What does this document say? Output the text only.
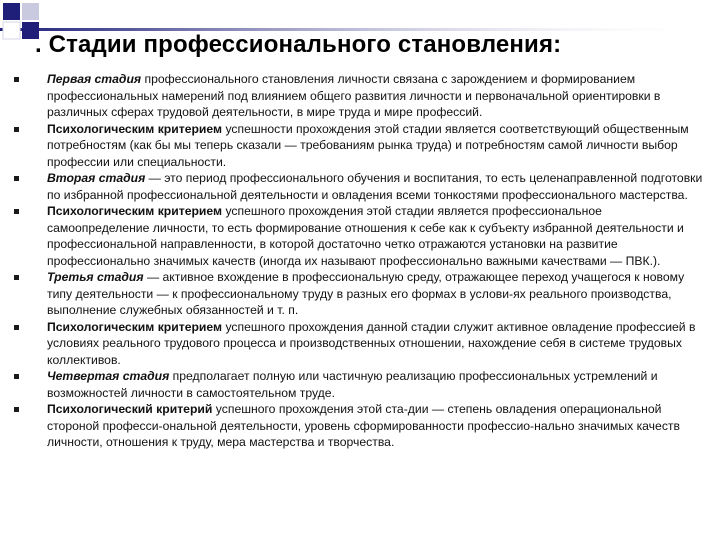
. Стадии профессионального становления:
Первая стадия профессионального становления личности связана с зарождением и формированием профессиональных намерений под влиянием общего развития личности и первоначальной ориентировки в различных сферах трудовой деятельности, в мире труда и мире профессий.
Психологическим критерием успешности прохождения этой стадии является соответствующий общественным потребностям (как бы мы теперь сказали — требованиям рынка труда) и потребностям самой личности выбор профессии или специальности.
Вторая стадия — это период профессионального обучения и воспитания, то есть целенаправленной подготовки по избранной профессиональной деятельности и овладения всеми тонкостями профессионального мастерства.
Психологическим критерием успешного прохождения этой стадии является профессиональное самоопределение личности, то есть формирование отношения к себе как к субъекту избранной деятельности и профессиональной направленности, в которой достаточно четко отражаются установки на развитие профессионально значимых качеств (иногда их называют профессионально важными качествами — ПВК.).
Третья стадия — активное вхождение в профессиональную среду, отражающее переход учащегося к новому типу деятельности — к профессиональному труду в разных его формах в услови-ях реального производства, выполнение служебных обязанностей и т. п.
Психологическим критерием успешного прохождения данной стадии служит активное овладение профессией в условиях реального трудового процесса и производственных отношении, нахождение себя в системе трудовых коллективов.
Четвертая стадия предполагает полную или частичную реализацию профессиональных устремлений и возможностей личности в самостоятельном труде.
Психологический критерий успешного прохождения этой ста-дии — степень овладения операциональной стороной професси-ональной деятельности, уровень сформированности профессио-нально значимых качеств личности, отношения к труду, мера мастерства и творчества.
